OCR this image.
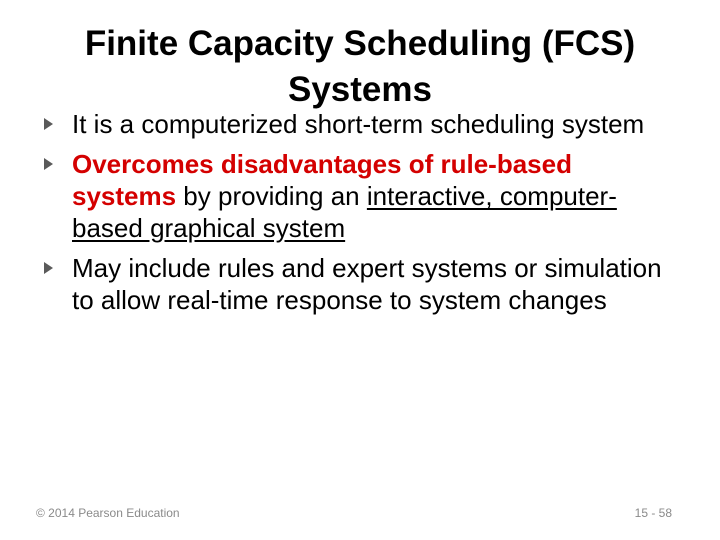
Finite Capacity Scheduling (FCS)
Systems
It is a computerized short-term scheduling system
Overcomes disadvantages of rule-based systems by providing an interactive, computer-based graphical system
May include rules and expert systems or simulation to allow real-time response to system changes
© 2014 Pearson Education	15 - 58
